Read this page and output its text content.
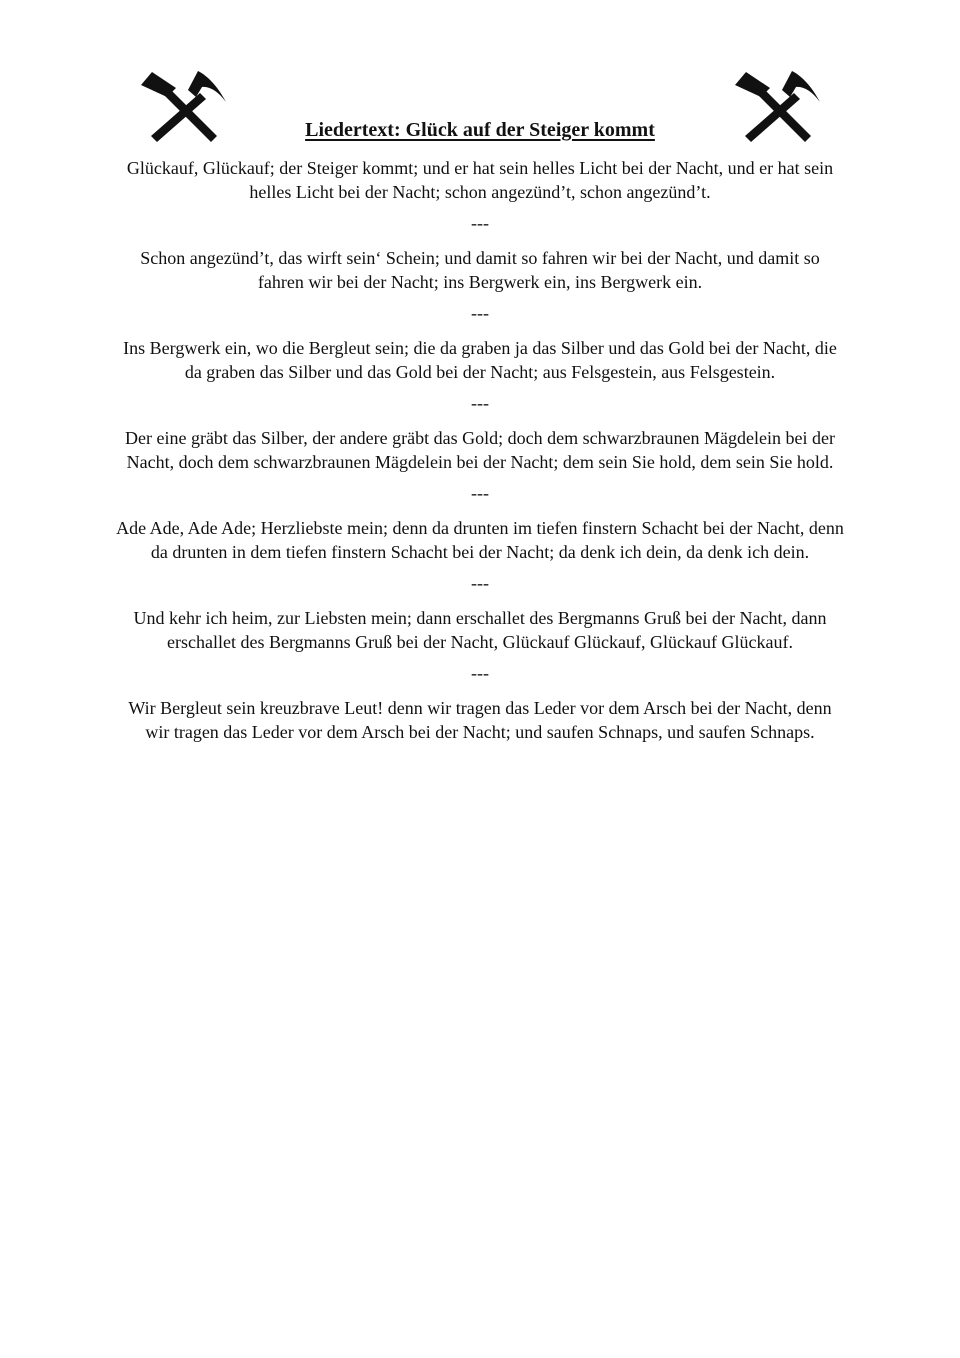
Liedertext: Glück auf der Steiger kommt

Glückauf, Glückauf; der Steiger kommt; und er hat sein helles Licht bei der Nacht, und er hat sein helles Licht bei der Nacht; schon angezünd’t, schon angezünd’t.

---

Schon angezünd’t, das wirft sein‘ Schein; und damit so fahren wir bei der Nacht, und damit so fahren wir bei der Nacht; ins Bergwerk ein, ins Bergwerk ein.

---

Ins Bergwerk ein, wo die Bergleut sein; die da graben ja das Silber und das Gold bei der Nacht, die da graben das Silber und das Gold bei der Nacht; aus Felsgestein, aus Felsgestein.

---

Der eine gräbt das Silber, der andere gräbt das Gold; doch dem schwarzbraunen Mägdelein bei der Nacht, doch dem schwarzbraunen Mägdelein bei der Nacht; dem sein Sie hold, dem sein Sie hold.

---

Ade Ade, Ade Ade; Herzliebste mein; denn da drunten im tiefen finstern Schacht bei der Nacht, denn da drunten in dem tiefen finstern Schacht bei der Nacht; da denk ich dein, da denk ich dein.

---

Und kehr ich heim, zur Liebsten mein; dann erschallet des Bergmanns Gruß bei der Nacht, dann erschallet des Bergmanns Gruß bei der Nacht, Glückauf Glückauf, Glückauf Glückauf.

---

Wir Bergleut sein kreuzbrave Leut! denn wir tragen das Leder vor dem Arsch bei der Nacht, denn wir tragen das Leder vor dem Arsch bei der Nacht; und saufen Schnaps, und saufen Schnaps.
